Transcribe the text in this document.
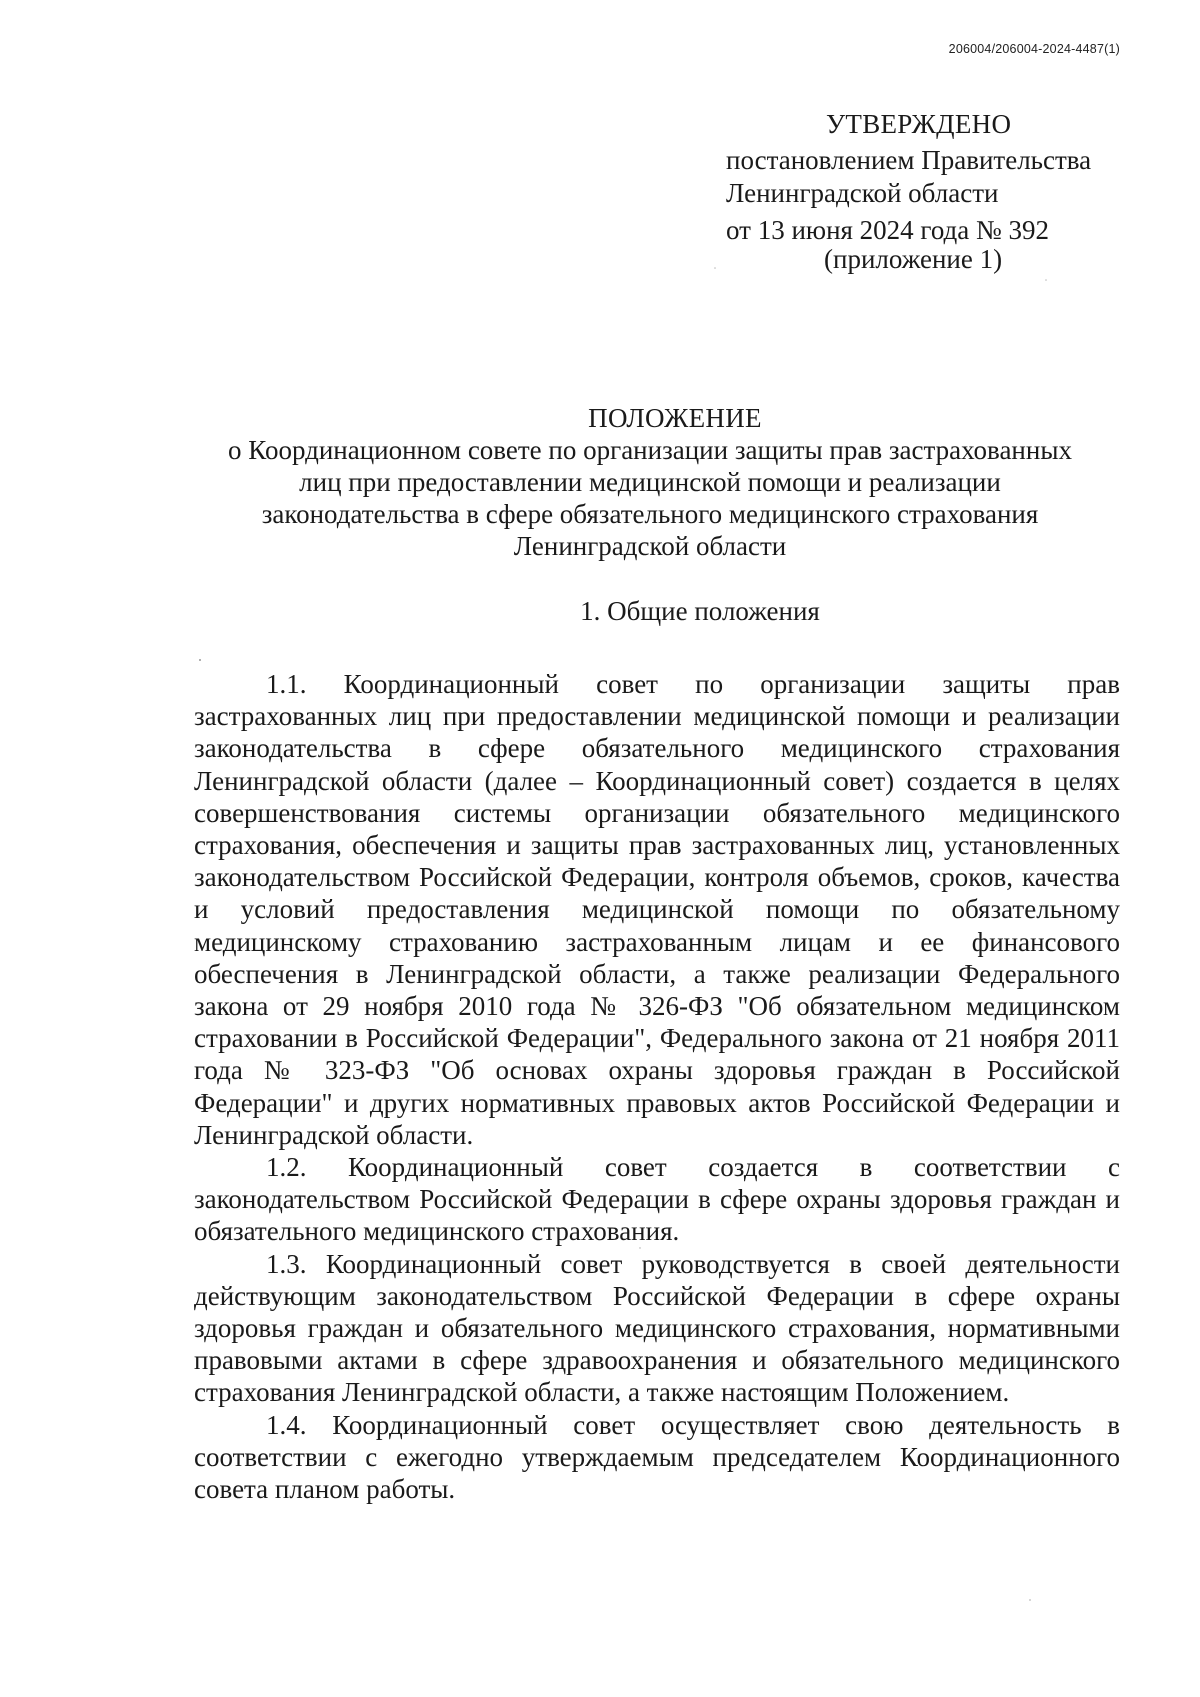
206004/206004-2024-4487(1)
УТВЕРЖДЕНО
постановлением Правительства
Ленинградской области
от 13 июня 2024 года № 392
(приложение 1)
ПОЛОЖЕНИЕ
о Координационном совете по организации защиты прав застрахованных
лиц при предоставлении медицинской помощи и реализации
законодательства в сфере обязательного медицинского страхования
Ленинградской области
1. Общие положения

1.1. Координационный совет по организации защиты прав застрахованных лиц при предоставлении медицинской помощи и реализации законодательства в сфере обязательного медицинского страхования Ленинградской области (далее – Координационный совет) создается в целях совершенствования системы организации обязательного медицинского страхования, обеспечения и защиты прав застрахованных лиц, установленных законодательством Российской Федерации, контроля объемов, сроков, качества и условий предоставления медицинской помощи по обязательному медицинскому страхованию застрахованным лицам и ее финансового обеспечения в Ленинградской области, а также реализации Федерального закона от 29 ноября 2010 года № 326-ФЗ "Об обязательном медицинском страховании в Российской Федерации", Федерального закона от 21 ноября 2011 года № 323-ФЗ "Об основах охраны здоровья граждан в Российской Федерации" и других нормативных правовых актов Российской Федерации и Ленинградской области.

1.2. Координационный совет создается в соответствии с законодательством Российской Федерации в сфере охраны здоровья граждан и обязательного медицинского страхования.

1.3. Координационный совет руководствуется в своей деятельности действующим законодательством Российской Федерации в сфере охраны здоровья граждан и обязательного медицинского страхования, нормативными правовыми актами в сфере здравоохранения и обязательного медицинского страхования Ленинградской области, а также настоящим Положением.

1.4. Координационный совет осуществляет свою деятельность в соответствии с ежегодно утверждаемым председателем Координационного совета планом работы.
